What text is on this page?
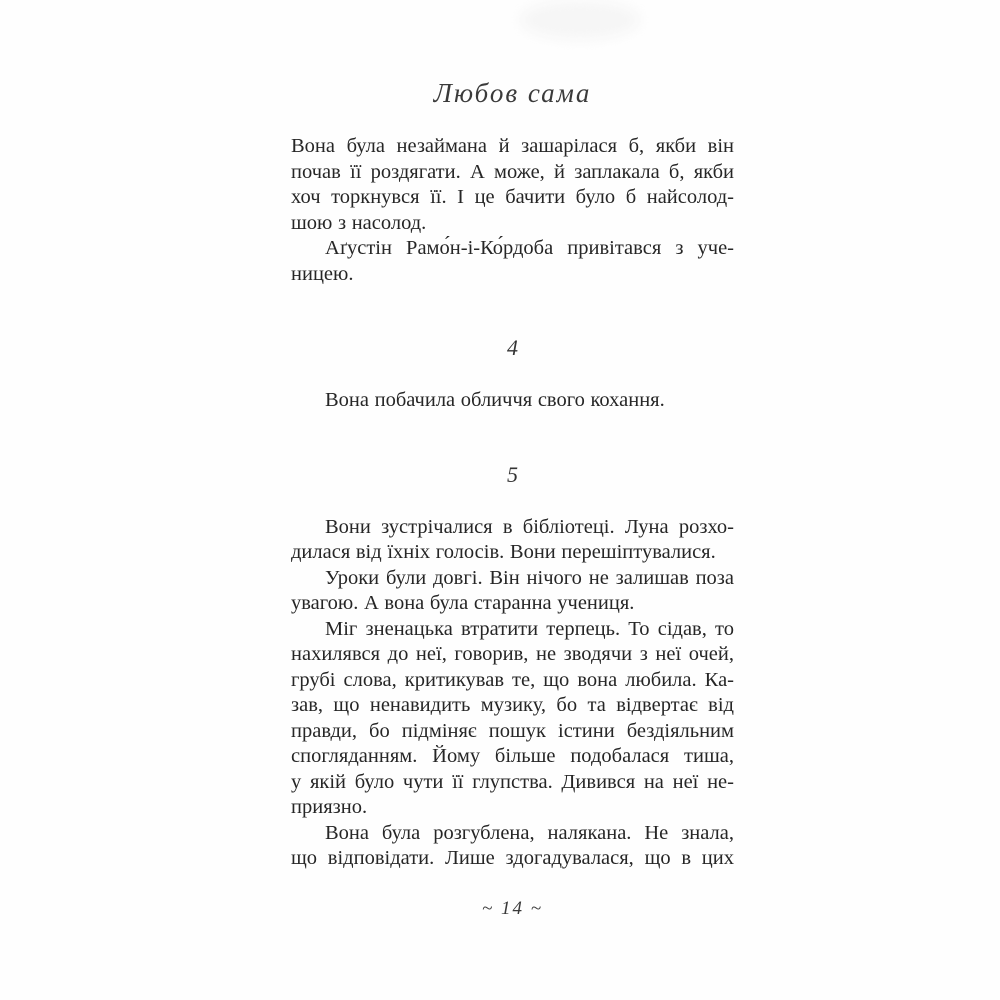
Любов сама
Вона була незаймана й зашарілася б, якби він
почав її роздягати. А може, й заплакала б, якби
хоч торкнувся її. І це бачити було б найсолод-
шою з насолод.
Аґустін Рамо́н-і-Ко́рдоба привітався з уче-
ницею.
4
Вона побачила обличчя свого кохання.
5
Вони зустрічалися в бібліотеці. Луна розхо-
дилася від їхніх голосів. Вони перешіптувалися.
Уроки були довгі. Він нічого не залишав поза
увагою. А вона була старанна учениця.
Міг зненацька втратити терпець. То сідав, то
нахилявся до неї, говорив, не зводячи з неї очей,
грубі слова, критикував те, що вона любила. Ка-
зав, що ненавидить музику, бо та відвертає від
правди, бо підміняє пошук істини бездіяльним
спогляданням. Йому більше подобалася тиша,
у якій було чути її глупства. Дивився на неї не-
приязно.
Вона була розгублена, налякана. Не знала,
що відповідати. Лише здогадувалася, що в цих
~ 14 ~
